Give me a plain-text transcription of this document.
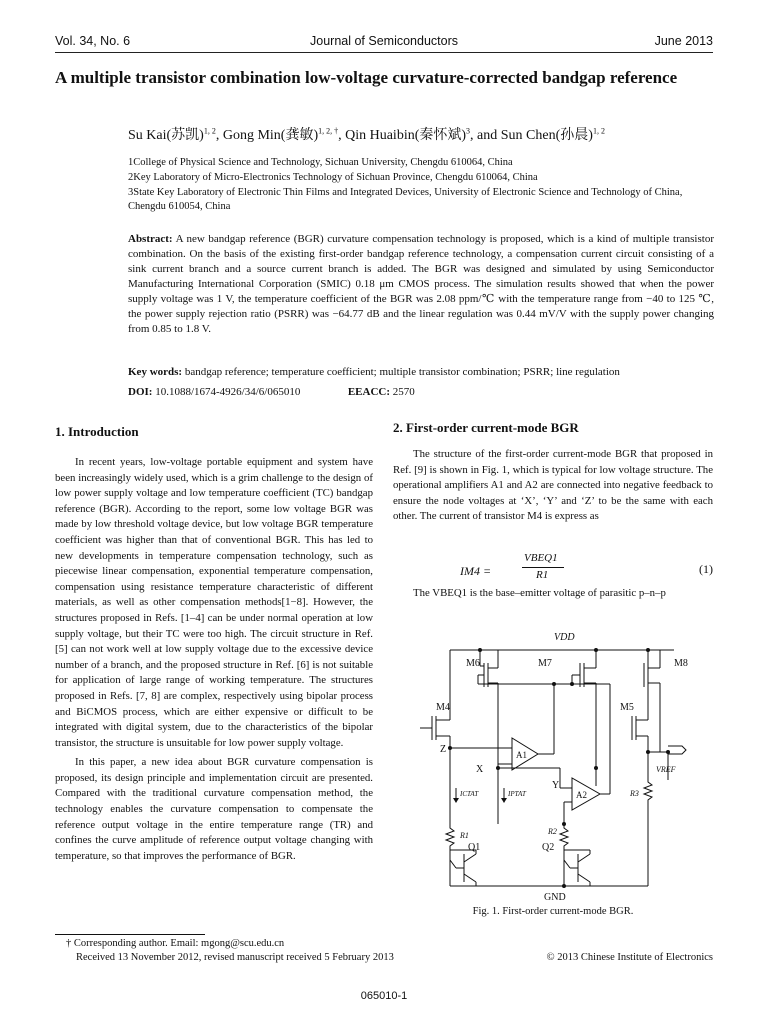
Vol. 34, No. 6	Journal of Semiconductors	June 2013
A multiple transistor combination low-voltage curvature-corrected bandgap reference
Su Kai(苏凯)$^{1, 2}$, Gong Min(龚敏)$^{1, 2, \dagger}$, Qin Huaibin(秦怀斌)$^3$, and Sun Chen(孙晨)$^{1, 2}$
1College of Physical Science and Technology, Sichuan University, Chengdu 610064, China
2Key Laboratory of Micro-Electronics Technology of Sichuan Province, Chengdu 610064, China
3State Key Laboratory of Electronic Thin Films and Integrated Devices, University of Electronic Science and Technology of China, Chengdu 610054, China
Abstract: A new bandgap reference (BGR) curvature compensation technology is proposed, which is a kind of multiple transistor combination. On the basis of the existing first-order bandgap reference technology, a compensation current circuit consisting of a sink current branch and a source current branch is added. The BGR was designed and simulated by using Semiconductor Manufacturing International Corporation (SMIC) 0.18 μm CMOS process. The simulation results showed that when the power supply voltage was 1 V, the temperature coefficient of the BGR was 2.08 ppm/℃ with the temperature range from −40 to 125 ℃, the power supply rejection ratio (PSRR) was −64.77 dB and the linear regulation was 0.44 mV/V with the supply power changing from 0.85 to 1.8 V.
Key words: bandgap reference; temperature coefficient; multiple transistor combination; PSRR; line regulation
DOI: 10.1088/1674-4926/34/6/065010	EEACC: 2570
1. Introduction

In recent years, low-voltage portable equipment and system have been increasingly widely used, which is a grim challenge to the design of low power supply voltage and low temperature coefficient (TC) bandgap reference (BGR). According to the report, some low voltage BGR was made by low threshold voltage device, but low voltage BGR temperature coefficient was higher than that of conventional BGR. This has led to new developments in temperature compensation technology, such as piecewise linear compensation, exponential temperature compensation, compensation using resistance temperature characteristic of different materials, as well as other compensation methods[1−8]. However, the structures proposed in Refs. [1–4] can be under normal operation at low supply voltage, but their TC were too high. The circuit structure in Ref. [5] can not work well at low supply voltage due to the excessive device number of a branch, and the proposed structure in Ref. [6] is not suitable for application of large range of working temperature. The structures proposed in Refs. [7, 8] are complex, respectively using bipolar process and BiCMOS process, which are either expensive or difficult to be integrated with digital system, due to the characteristics of the bipolar transistor, the structure is unsuitable for low power supply voltage.

In this paper, a new idea about BGR curvature compensation is proposed, its design principle and implementation circuit are presented. Compared with the traditional curvature compensation method, the technology enables the curvature compensation to compensate the reference output voltage in the entire temperature range (TR) and confines the curve amplitude of reference output voltage changing with temperature, so that improves the performance of BGR.

2. First-order current-mode BGR

The structure of the first-order current-mode BGR that proposed in Ref. [9] is shown in Fig. 1, which is typical for low voltage structure. The operational amplifiers A1 and A2 are connected into negative feedback to ensure the node voltages at ‘X’, ‘Y’ and ‘Z’ to be the same with each other. The current of transistor M4 is express as

IM4 =
VBEQ1
R1	(1)

The VBEQ1 is the base–emitter voltage of parasitic p–n–p

VDD
M6	M7	M8
M4	M5
Z
X
Y
A1
A2
ICTAT	IPTAT
VREF
R1	R2
R3
Q1	Q2
GND
Fig. 1. First-order current-mode BGR.
† Corresponding author. Email: mgong@scu.edu.cn
Received 13 November 2012, revised manuscript received 5 February 2013	© 2013 Chinese Institute of Electronics
065010-1
